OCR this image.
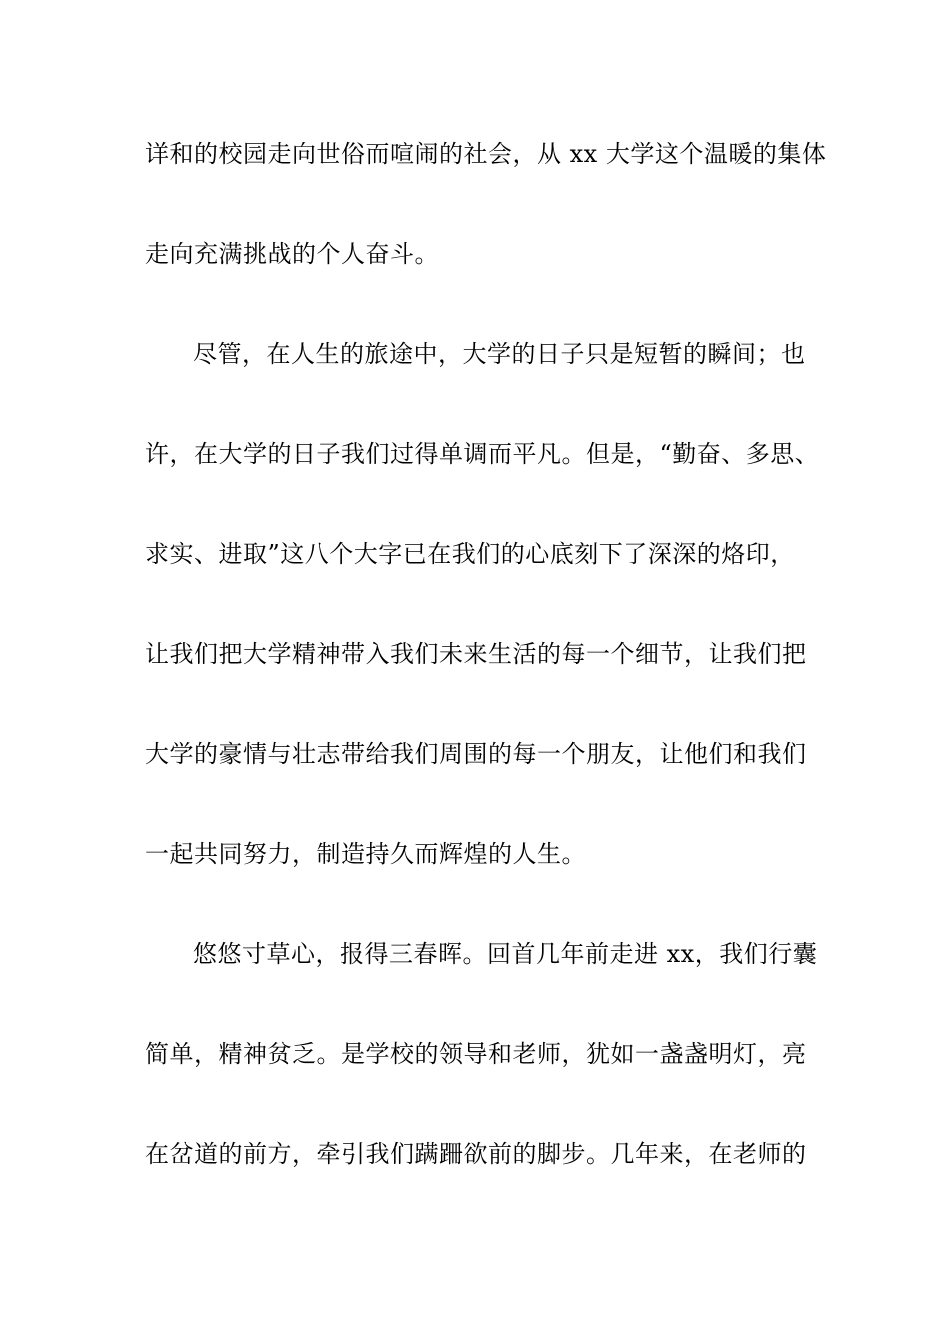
详和的校园走向世俗而喧闹的社会，从 xx 大学这个温暖的集体
走向充满挑战的个人奋斗。
尽管，在人生的旅途中，大学的日子只是短暂的瞬间；也
许，在大学的日子我们过得单调而平凡。但是，“勤奋、多思、
求实、进取”这八个大字已在我们的心底刻下了深深的烙印，
让我们把大学精神带入我们未来生活的每一个细节，让我们把
大学的豪情与壮志带给我们周围的每一个朋友，让他们和我们
一起共同努力，制造持久而辉煌的人生。
悠悠寸草心，报得三春晖。回首几年前走进 xx，我们行囊
简单，精神贫乏。是学校的领导和老师，犹如一盏盏明灯，亮
在岔道的前方，牵引我们蹒跚欲前的脚步。几年来，在老师的
